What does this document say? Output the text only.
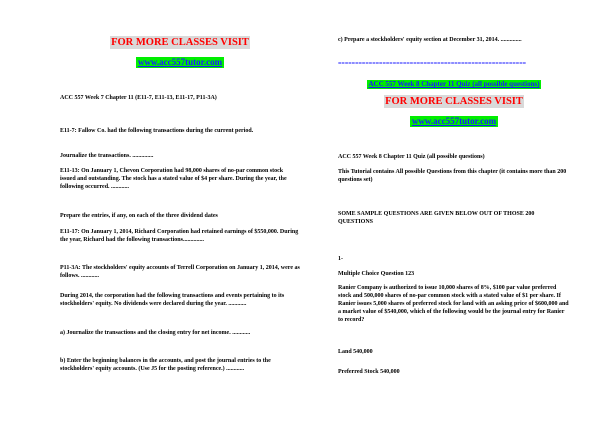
FOR MORE CLASSES VISIT
www.acc557tutor.com

ACC 557 Week 7 Chapter 11 (E11-7, E11-13, E11-17, P11-3A)

E11-7: Fallow Co. had the following transactions during the current period.

Journalize the transactions. ..............

E11-13: On January 1, Chevon Corporation had 98,000 shares of no-par common stock issued and outstanding. The stock has a stated value of $4 per share. During the year, the following occurred. ............

Prepare the entries, if any, on each of the three dividend dates

E11-17: On January 1, 2014, Richard Corporation had retained earnings of $550,000. During the year, Richard had the following transactions..............

P11-3A: The stockholders' equity accounts of Terrell Corporation on January 1, 2014, were as follows. ............

During 2014, the corporation had the following transactions and events pertaining to its stockholders' equity. No dividends were declared during the year. ............

a) Journalize the transactions and the closing entry for net income. ............

b) Enter the beginning balances in the accounts, and post the journal entries to the stockholders' equity accounts. (Use J5 for the posting reference.) ............

c) Prepare a stockholders' equity section at December 31, 2014. ..............

=======================================================
ACC 557 Week 8 Chapter 11 Quiz (all possible questions)
FOR MORE CLASSES VISIT
www.acc557tutor.com

ACC 557 Week 8 Chapter 11 Quiz (all possible questions)

This Tutorial contains All possible Questions from this chapter (it contains more than 200 questions set)

SOME SAMPLE QUESTIONS ARE GIVEN BELOW OUT OF THOSE 200 QUESTIONS

1-

Multiple Choice Question 123

Ranier Company is authorized to issue 10,000 shares of 8%, $100 par value preferred stock and 500,000 shares of no-par common stock with a stated value of $1 per share. If Ranier issues 5,000 shares of preferred stock for land with an asking price of $600,000 and a market value of $540,000, which of the following would be the journal entry for Ranier to record?

Land 540,000

Preferred Stock 540,000
